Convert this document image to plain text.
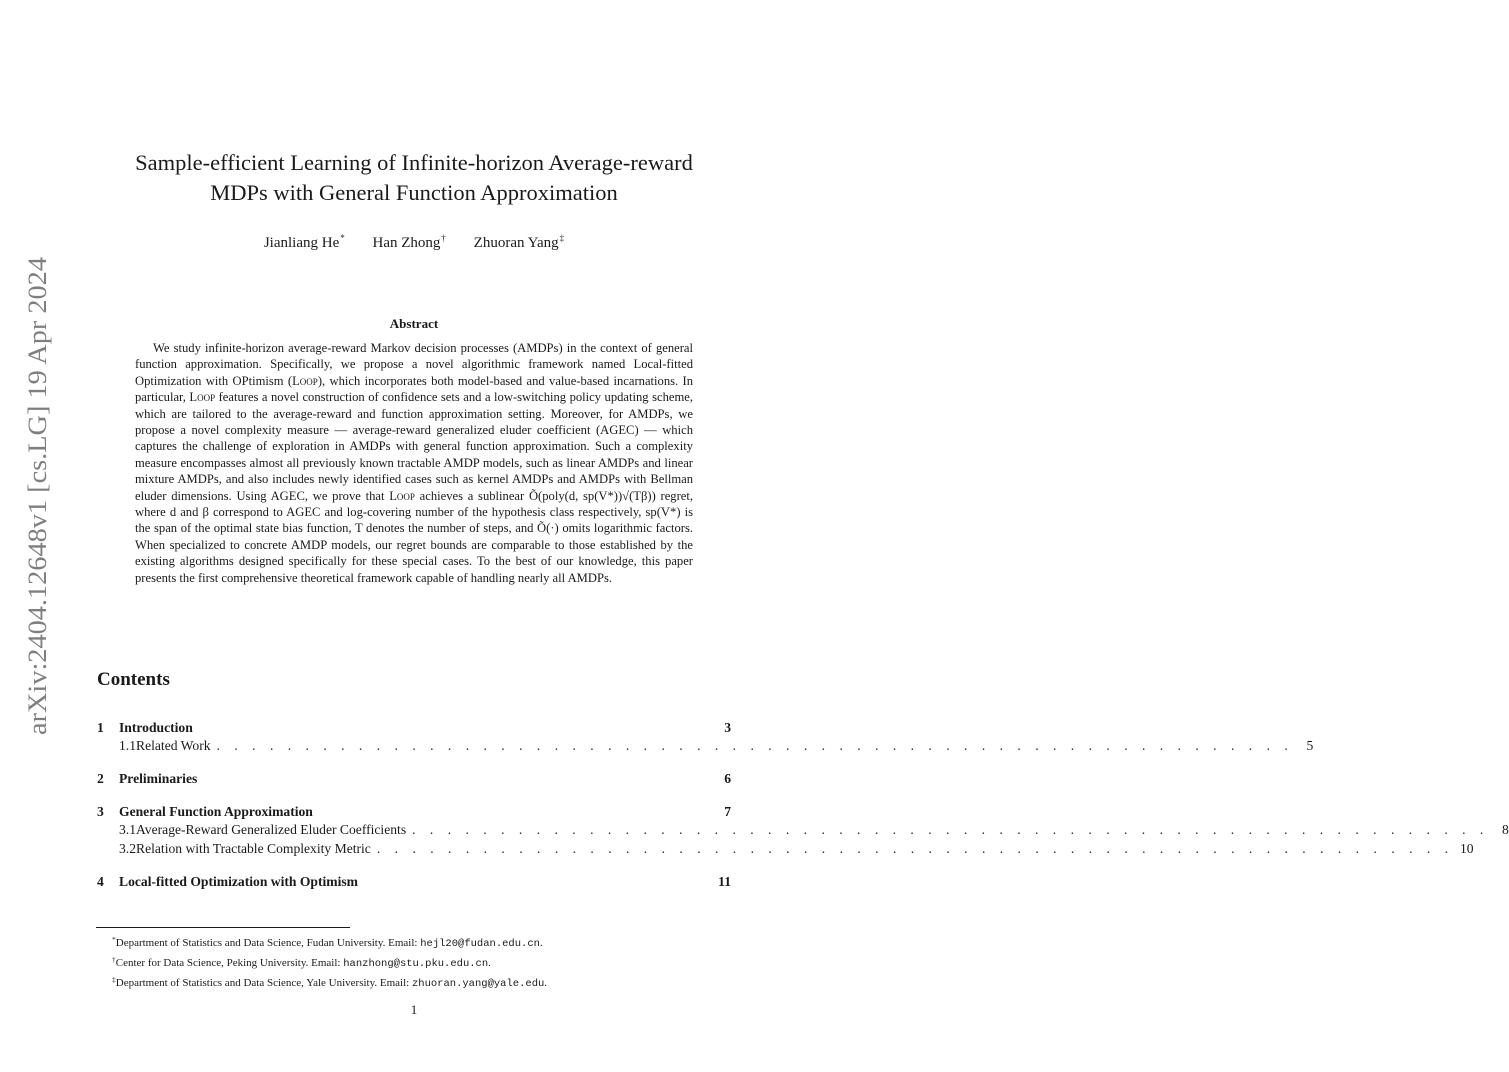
arXiv:2404.12648v1 [cs.LG] 19 Apr 2024
Sample-efficient Learning of Infinite-horizon Average-reward
MDPs with General Function Approximation
Jianliang He* Han Zhong† Zhuoran Yang‡
Abstract

We study infinite-horizon average-reward Markov decision processes (AMDPs) in the context of general function approximation. Specifically, we propose a novel algorithmic framework named Local-fitted Optimization with OPtimism (Loop), which incorporates both model-based and value-based incarnations. In particular, Loop features a novel construction of confidence sets and a low-switching policy updating scheme, which are tailored to the average-reward and function approximation setting. Moreover, for AMDPs, we propose a novel complexity measure — average-reward generalized eluder coefficient (AGEC) — which captures the challenge of exploration in AMDPs with general function approximation. Such a complexity measure encompasses almost all previously known tractable AMDP models, such as linear AMDPs and linear mixture AMDPs, and also includes newly identified cases such as kernel AMDPs and AMDPs with Bellman eluder dimensions. Using AGEC, we prove that Loop achieves a sublinear Õ(poly(d, sp(V*))√(Tβ)) regret, where d and β correspond to AGEC and log-covering number of the hypothesis class respectively, sp(V*) is the span of the optimal state bias function, T denotes the number of steps, and Õ(·) omits logarithmic factors. When specialized to concrete AMDP models, our regret bounds are comparable to those established by the existing algorithms designed specifically for these special cases. To the best of our knowledge, this paper presents the first comprehensive theoretical framework capable of handling nearly all AMDPs.

Contents
1	Introduction	3
1.1 Related Work . . . . . . . . . . . . . . . . . . . . . . . . . . . . . . . . . . . . . . . . . . . . . . . . . . . . . . . . . . . . . 5
2	Preliminaries	6
3	General Function Approximation	7
3.1 Average-Reward Generalized Eluder Coefficients . . . . . . . . . . . . . . . . . . . . . . . . . . . . . . . . . . . . . . . . . . . . . . . . . . . . . . . . . . . . . 8
3.2 Relation with Tractable Complexity Metric . . . . . . . . . . . . . . . . . . . . . . . . . . . . . . . . . . . . . . . . . . . . . . . . . . . . . . . . . . . . . 10
4	Local-fitted Optimization with Optimism	11
*Department of Statistics and Data Science, Fudan University. Email: hejl20@fudan.edu.cn.
†Center for Data Science, Peking University. Email: hanzhong@stu.pku.edu.cn.
‡Department of Statistics and Data Science, Yale University. Email: zhuoran.yang@yale.edu.
1
